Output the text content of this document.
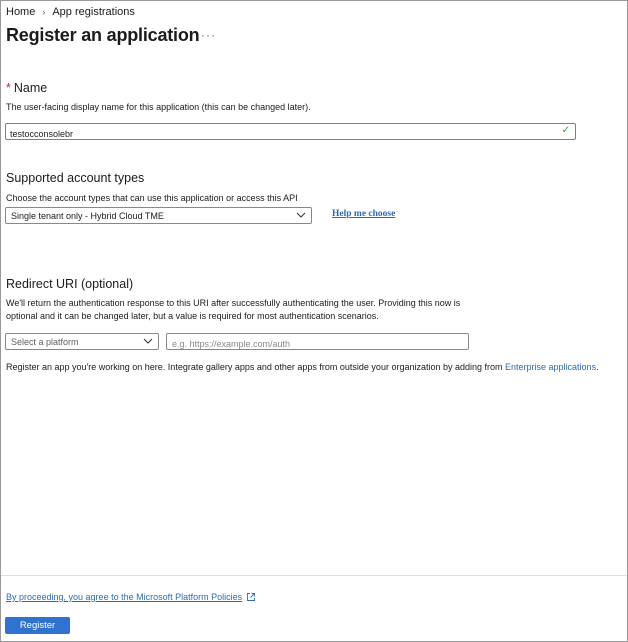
Home › App registrations
Register an application ···
* Name
The user-facing display name for this application (this can be changed later).
testocconsolebr
✓
Supported account types
Choose the account types that can use this application or access this API
Single tenant only - Hybrid Cloud TME	Help me choose
Redirect URI (optional)
We'll return the authentication response to this URI after successfully authenticating the user. Providing this now is
optional and it can be changed later, but a value is required for most authentication scenarios.
Select a platform
e.g. https://example.com/auth
Register an app you're working on here. Integrate gallery apps and other apps from outside your organization by adding from Enterprise applications.
By proceeding, you agree to the Microsoft Platform Policies
Register
